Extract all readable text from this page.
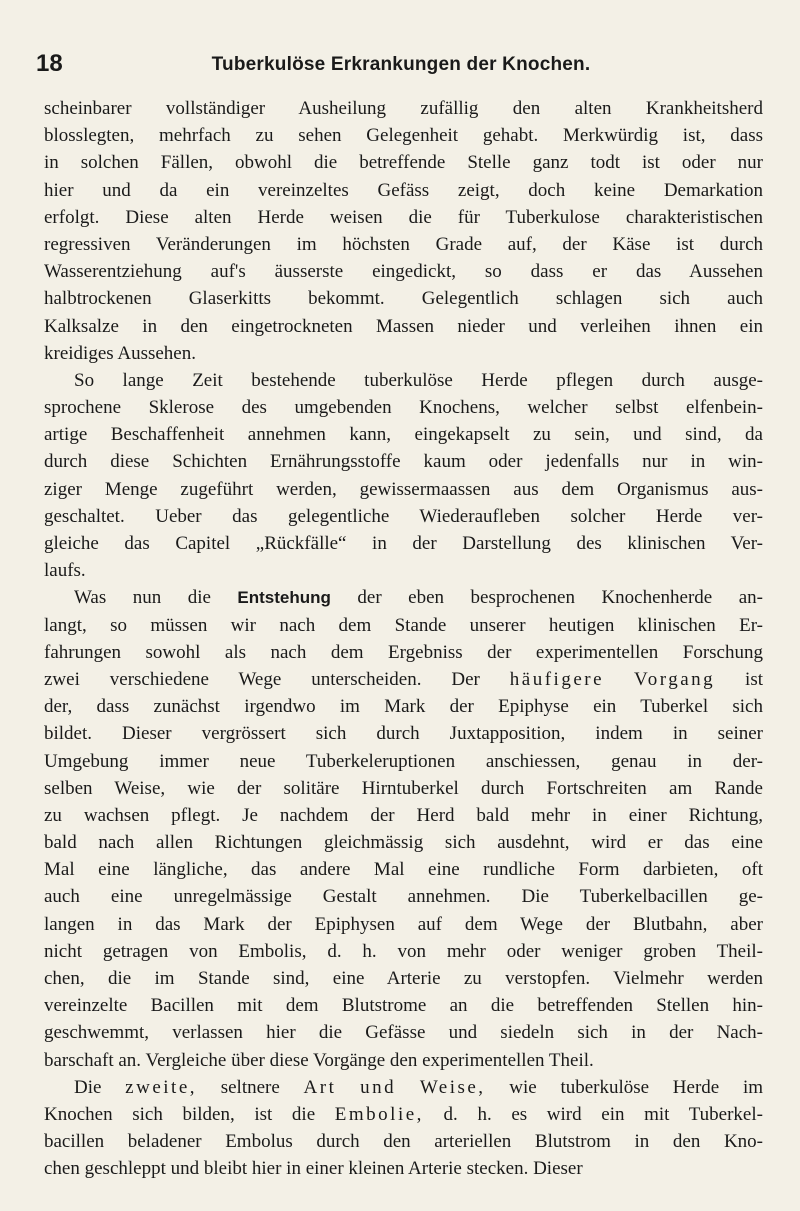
18	Tuberkulöse Erkrankungen der Knochen.
scheinbarer vollständiger Ausheilung zufällig den alten Krankheitsherd
blosslegten, mehrfach zu sehen Gelegenheit gehabt. Merkwürdig ist, dass
in solchen Fällen, obwohl die betreffende Stelle ganz todt ist oder nur
hier und da ein vereinzeltes Gefäss zeigt, doch keine Demarkation
erfolgt. Diese alten Herde weisen die für Tuberkulose charakteristischen
regressiven Veränderungen im höchsten Grade auf, der Käse ist durch
Wasserentziehung auf's äusserste eingedickt, so dass er das Aussehen
halbtrockenen Glaserkitts bekommt. Gelegentlich schlagen sich auch
Kalksalze in den eingetrockneten Massen nieder und verleihen ihnen ein
kreidiges Aussehen.
So lange Zeit bestehende tuberkulöse Herde pflegen durch ausge-
sprochene Sklerose des umgebenden Knochens, welcher selbst elfenbein-
artige Beschaffenheit annehmen kann, eingekapselt zu sein, und sind, da
durch diese Schichten Ernährungsstoffe kaum oder jedenfalls nur in win-
ziger Menge zugeführt werden, gewissermaassen aus dem Organismus aus-
geschaltet. Ueber das gelegentliche Wiederaufleben solcher Herde ver-
gleiche das Capitel „Rückfälle“ in der Darstellung des klinischen Ver-
laufs.
Was nun die Entstehung der eben besprochenen Knochenherde an-
langt, so müssen wir nach dem Stande unserer heutigen klinischen Er-
fahrungen sowohl als nach dem Ergebniss der experimentellen Forschung
zwei verschiedene Wege unterscheiden. Der häufigere Vorgang ist
der, dass zunächst irgendwo im Mark der Epiphyse ein Tuberkel sich
bildet. Dieser vergrössert sich durch Juxtapposition, indem in seiner
Umgebung immer neue Tuberkeleruptionen anschiessen, genau in der-
selben Weise, wie der solitäre Hirntuberkel durch Fortschreiten am Rande
zu wachsen pflegt. Je nachdem der Herd bald mehr in einer Richtung,
bald nach allen Richtungen gleichmässig sich ausdehnt, wird er das eine
Mal eine längliche, das andere Mal eine rundliche Form darbieten, oft
auch eine unregelmässige Gestalt annehmen. Die Tuberkelbacillen ge-
langen in das Mark der Epiphysen auf dem Wege der Blutbahn, aber
nicht getragen von Embolis, d. h. von mehr oder weniger groben Theil-
chen, die im Stande sind, eine Arterie zu verstopfen. Vielmehr werden
vereinzelte Bacillen mit dem Blutstrome an die betreffenden Stellen hin-
geschwemmt, verlassen hier die Gefässe und siedeln sich in der Nach-
barschaft an. Vergleiche über diese Vorgänge den experimentellen Theil.
Die zweite, seltnere Art und Weise, wie tuberkulöse Herde im
Knochen sich bilden, ist die Embolie, d. h. es wird ein mit Tuberkel-
bacillen beladener Embolus durch den arteriellen Blutstrom in den Kno-
chen geschleppt und bleibt hier in einer kleinen Arterie stecken. Dieser
